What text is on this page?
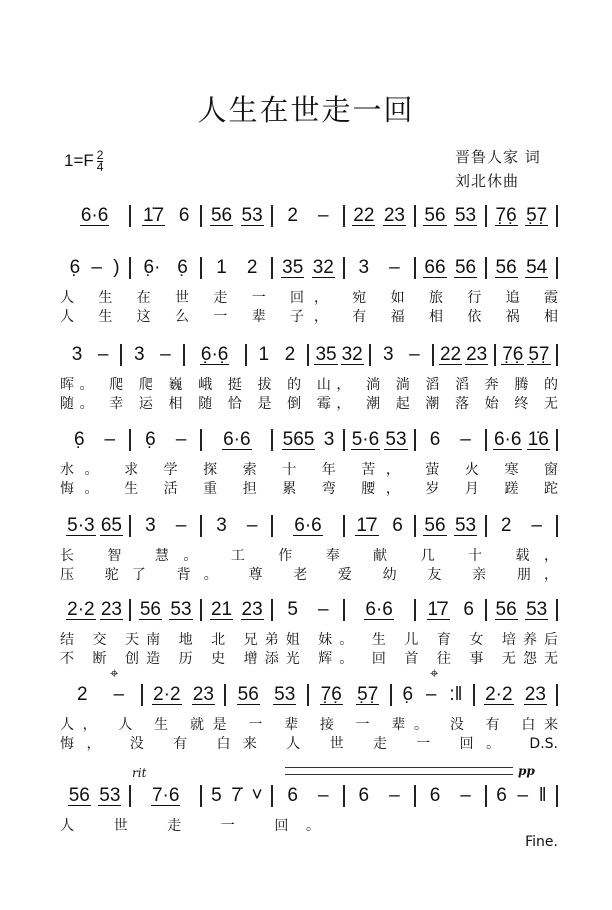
人生在世走一回
$1=F \frac{2}{4}$	晋鲁人家 词
刘北休曲
rit	pp
⌖	⌖
6·6 1̇7 6 56 53 2 – 22 23 56 53 7̣6̣ 5̣7̣
6̣ – ) 6̣· 6̣ 1 2 35 32 3 – 66 56 56 54
人 生 在 世 走 一 回， 宛 如 旅 行 追 霞
人 生 这 么 一 辈 子， 有 福 相 依 祸 相
3 – 3 – 6̣·6̣ 1 2 35 32 3 – 22 23 7̣6̣ 5̣7̣
晖。 爬 爬 巍 峨 挺 拔 的 山， 淌 淌 滔 滔 奔 腾 的
随。 幸 运 相 随 恰 是 倒 霉， 潮 起 潮 落 始 终 无
6̣ – 6̣ – 6·6 565 3 5·6 53 6 – 6·6 1̇6
水。 求 学 探 索 十 年 苦， 萤 火 寒 窗
悔。 生 活 重 担 累 弯 腰， 岁 月 蹉 跎
5·3 65 3 – 3 – 6·6 1̇7 6 56 53 2 –
长 智 慧。 工 作 奉 献 几 十 载，
压 驼了 背。 尊 老 爱 幼 友 亲 朋，
2·2 23 56 53 21 23 5 – 6·6 1̇7 6 56 53
结 交 天南 地 北 兄弟姐 妹。 生 儿 育 女 培养后
不 断 创造 历 史 增添光 辉。 回 首 往 事 无怨无
2 – 2·2 23 56 53 7̣6̣ 5̣7̣ 6̣ – :‖ 2·2 23
人， 人 生 就是 一 辈 接 一 辈。 没 有 白来
悔， 没 有 白来 人 世 走 一 回。 D.S.
56 53 7·6 5 7̇ ˅ 6 – 6 – 6 – 6 – ‖
人 世 走 一 回。
Fine.
